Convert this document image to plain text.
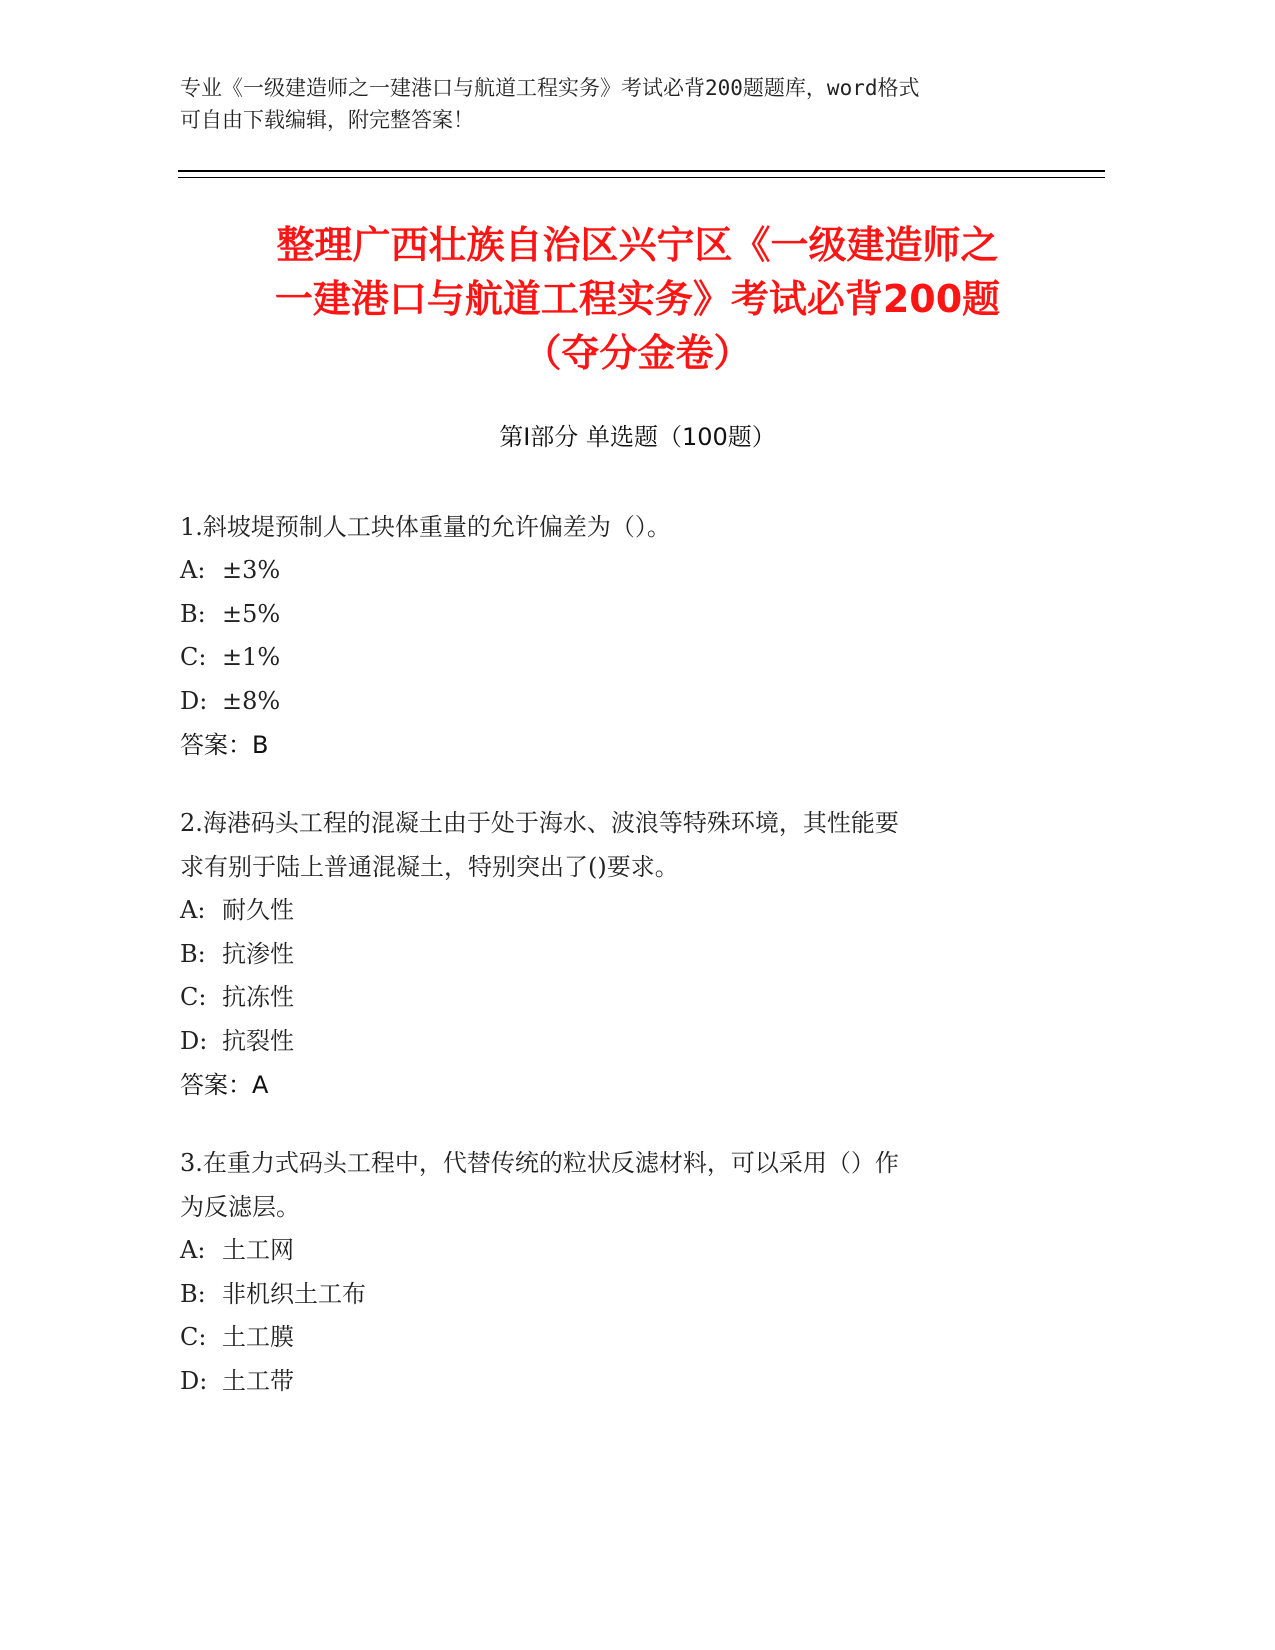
专业《一级建造师之一建港口与航道工程实务》考试必背200题题库，word格式
可自由下载编辑，附完整答案！
整理广西壮族自治区兴宁区《一级建造师之
一建港口与航道工程实务》考试必背200题
（夺分金卷）
第Ⅰ部分 单选题（100题）
1.斜坡堤预制人工块体重量的允许偏差为（）。
A: ±3%
B: ±5%
C: ±1%
D: ±8%
答案：B
2.海港码头工程的混凝土由于处于海水、波浪等特殊环境，其性能要
求有别于陆上普通混凝土，特别突出了()要求。
A: 耐久性
B: 抗渗性
C: 抗冻性
D: 抗裂性
答案：A
3.在重力式码头工程中，代替传统的粒状反滤材料，可以采用（）作
为反滤层。
A: 土工网
B: 非机织土工布
C: 土工膜
D: 土工带
